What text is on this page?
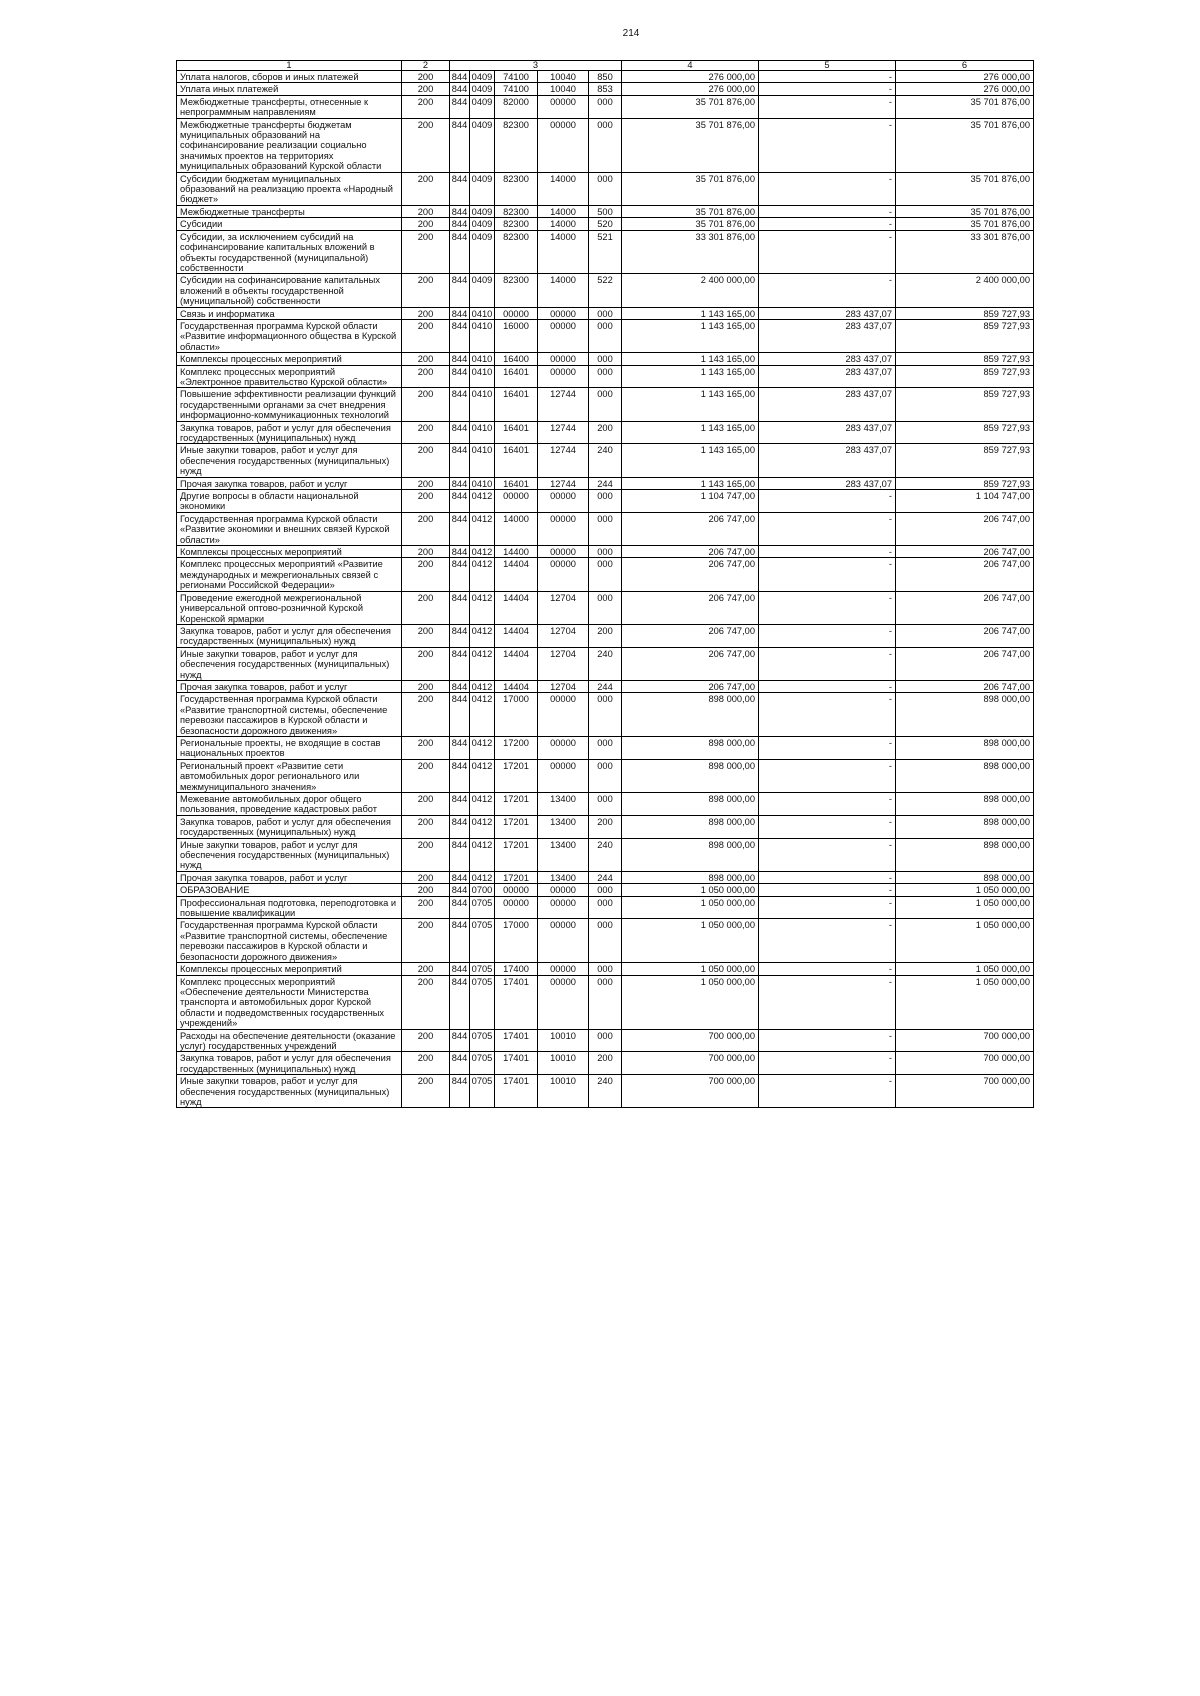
214
1	2	3					4	5	6
Уплата налогов, сборов и иных платежей	200	844	0409	74100	10040	850	276 000,00	-	276 000,00
Уплата иных платежей	200	844	0409	74100	10040	853	276 000,00	-	276 000,00
Межбюджетные трансферты, отнесенные к непрограммным направлениям	200	844	0409	82000	00000	000	35 701 876,00	-	35 701 876,00
Межбюджетные трансферты бюджетам муниципальных образований на софинансирование реализации социально значимых проектов на территориях муниципальных образований Курской области	200	844	0409	82300	00000	000	35 701 876,00	-	35 701 876,00
Субсидии бюджетам муниципальных образований на реализацию проекта «Народный бюджет»	200	844	0409	82300	14000	000	35 701 876,00	-	35 701 876,00
Межбюджетные трансферты	200	844	0409	82300	14000	500	35 701 876,00	-	35 701 876,00
Субсидии	200	844	0409	82300	14000	520	35 701 876,00	-	35 701 876,00
Субсидии, за исключением субсидий на софинансирование капитальных вложений в объекты государственной (муниципальной) собственности	200	844	0409	82300	14000	521	33 301 876,00	-	33 301 876,00
Субсидии на софинансирование капитальных вложений в объекты государственной (муниципальной) собственности	200	844	0409	82300	14000	522	2 400 000,00	-	2 400 000,00
Связь и информатика	200	844	0410	00000	00000	000	1 143 165,00	283 437,07	859 727,93
Государственная программа Курской области «Развитие информационного общества в Курской области»	200	844	0410	16000	00000	000	1 143 165,00	283 437,07	859 727,93
Комплексы процессных мероприятий	200	844	0410	16400	00000	000	1 143 165,00	283 437,07	859 727,93
Комплекс процессных мероприятий «Электронное правительство Курской области»	200	844	0410	16401	00000	000	1 143 165,00	283 437,07	859 727,93
Повышение эффективности реализации функций государственными органами за счет внедрения информационно-коммуникационных технологий	200	844	0410	16401	12744	000	1 143 165,00	283 437,07	859 727,93
Закупка товаров, работ и услуг для обеспечения государственных (муниципальных) нужд	200	844	0410	16401	12744	200	1 143 165,00	283 437,07	859 727,93
Иные закупки товаров, работ и услуг для обеспечения государственных (муниципальных) нужд	200	844	0410	16401	12744	240	1 143 165,00	283 437,07	859 727,93
Прочая закупка товаров, работ и услуг	200	844	0410	16401	12744	244	1 143 165,00	283 437,07	859 727,93
Другие вопросы в области национальной экономики	200	844	0412	00000	00000	000	1 104 747,00	-	1 104 747,00
Государственная программа Курской области «Развитие экономики и внешних связей Курской области»	200	844	0412	14000	00000	000	206 747,00	-	206 747,00
Комплексы процессных мероприятий	200	844	0412	14400	00000	000	206 747,00	-	206 747,00
Комплекс процессных мероприятий «Развитие международных и межрегиональных связей с регионами Российской Федерации»	200	844	0412	14404	00000	000	206 747,00	-	206 747,00
Проведение ежегодной межрегиональной универсальной оптово-розничной Курской Коренской ярмарки	200	844	0412	14404	12704	000	206 747,00	-	206 747,00
Закупка товаров, работ и услуг для обеспечения государственных (муниципальных) нужд	200	844	0412	14404	12704	200	206 747,00	-	206 747,00
Иные закупки товаров, работ и услуг для обеспечения государственных (муниципальных) нужд	200	844	0412	14404	12704	240	206 747,00	-	206 747,00
Прочая закупка товаров, работ и услуг	200	844	0412	14404	12704	244	206 747,00	-	206 747,00
Государственная программа Курской области «Развитие транспортной системы, обеспечение перевозки пассажиров в Курской области и безопасности дорожного движения»	200	844	0412	17000	00000	000	898 000,00	-	898 000,00
Региональные проекты, не входящие в состав национальных проектов	200	844	0412	17200	00000	000	898 000,00	-	898 000,00
Региональный проект «Развитие сети автомобильных дорог регионального или межмуниципального значения»	200	844	0412	17201	00000	000	898 000,00	-	898 000,00
Межевание автомобильных дорог общего пользования, проведение кадастровых работ	200	844	0412	17201	13400	000	898 000,00	-	898 000,00
Закупка товаров, работ и услуг для обеспечения государственных (муниципальных) нужд	200	844	0412	17201	13400	200	898 000,00	-	898 000,00
Иные закупки товаров, работ и услуг для обеспечения государственных (муниципальных) нужд	200	844	0412	17201	13400	240	898 000,00	-	898 000,00
Прочая закупка товаров, работ и услуг	200	844	0412	17201	13400	244	898 000,00	-	898 000,00
ОБРАЗОВАНИЕ	200	844	0700	00000	00000	000	1 050 000,00	-	1 050 000,00
Профессиональная подготовка, переподготовка и повышение квалификации	200	844	0705	00000	00000	000	1 050 000,00	-	1 050 000,00
Государственная программа Курской области «Развитие транспортной системы, обеспечение перевозки пассажиров в Курской области и безопасности дорожного движения»	200	844	0705	17000	00000	000	1 050 000,00	-	1 050 000,00
Комплексы процессных мероприятий	200	844	0705	17400	00000	000	1 050 000,00	-	1 050 000,00
Комплекс процессных мероприятий «Обеспечение деятельности Министерства транспорта и автомобильных дорог Курской области и подведомственных государственных учреждений»	200	844	0705	17401	00000	000	1 050 000,00	-	1 050 000,00
Расходы на обеспечение деятельности (оказание услуг) государственных учреждений	200	844	0705	17401	10010	000	700 000,00	-	700 000,00
Закупка товаров, работ и услуг для обеспечения государственных (муниципальных) нужд	200	844	0705	17401	10010	200	700 000,00	-	700 000,00
Иные закупки товаров, работ и услуг для обеспечения государственных (муниципальных) нужд	200	844	0705	17401	10010	240	700 000,00	-	700 000,00
